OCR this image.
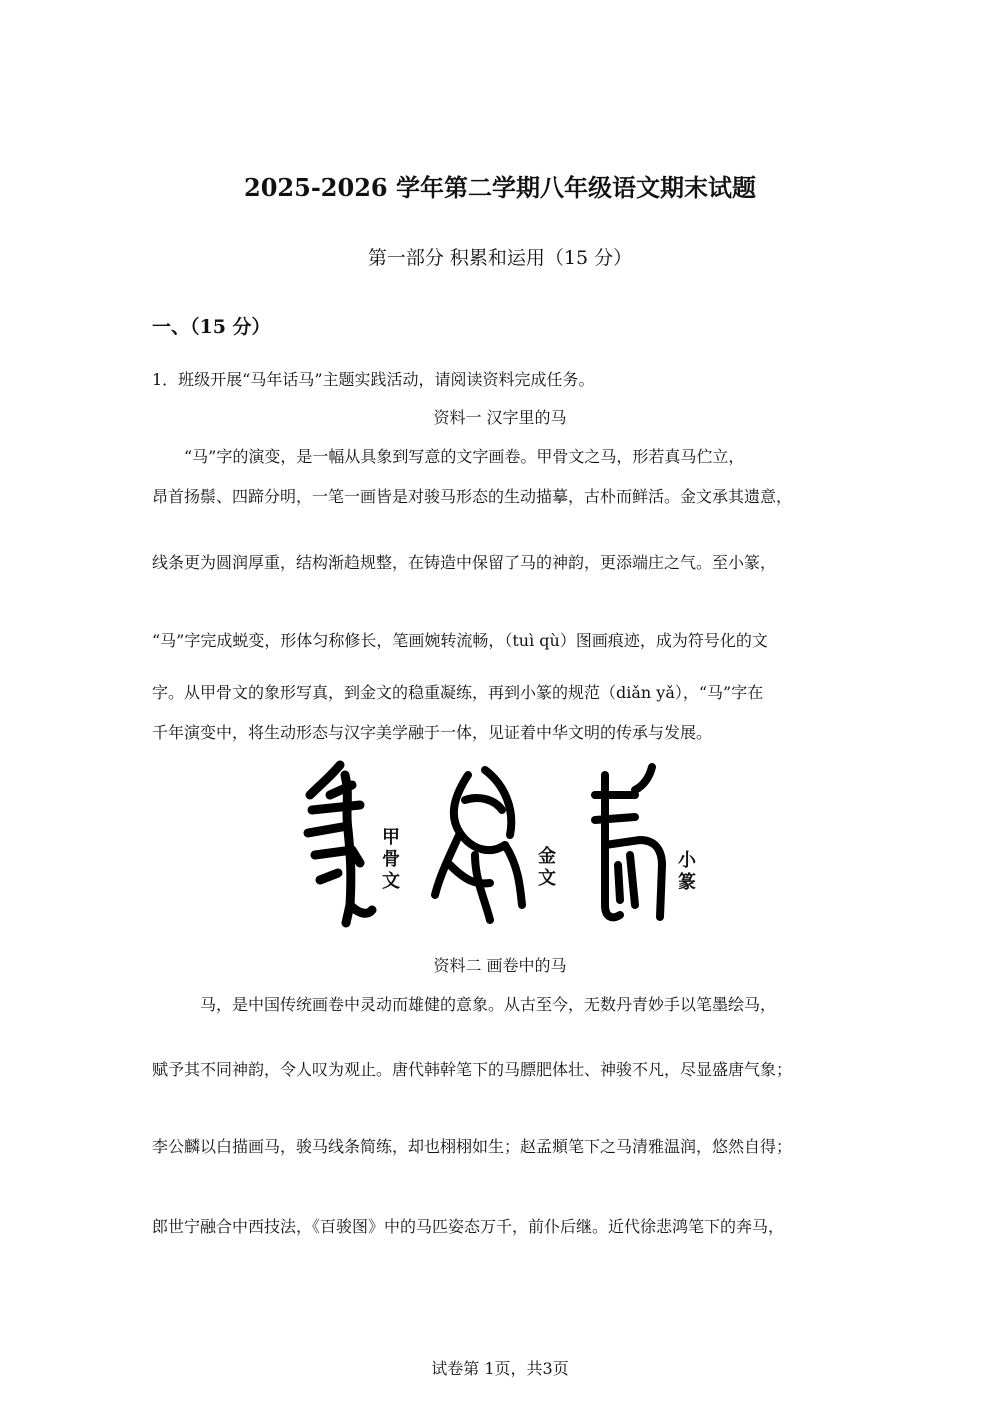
2025-2026 学年第二学期八年级语文期末试题
第一部分 积累和运用（15 分）
一、（15 分）
1．班级开展“马年话马”主题实践活动，请阅读资料完成任务。
资料一 汉字里的马
“马”字的演变，是一幅从具象到写意的文字画卷。甲骨文之马，形若真马伫立，
昂首扬鬃、四蹄分明，一笔一画皆是对骏马形态的生动描摹，古朴而鲜活。金文承其遗意，
线条更为圆润厚重，结构渐趋规整，在铸造中保留了马的神韵，更添端庄之气。至小篆，
“马”字完成蜕变，形体匀称修长，笔画婉转流畅，（tuì qù）图画痕迹，成为符号化的文
字。从甲骨文的象形写真，到金文的稳重凝练，再到小篆的规范（diǎn yǎ），“马”字在
千年演变中，将生动形态与汉字美学融于一体，见证着中华文明的传承与发展。
甲骨文
金文
小篆
资料二 画卷中的马
马，是中国传统画卷中灵动而雄健的意象。从古至今，无数丹青妙手以笔墨绘马，
赋予其不同神韵，令人叹为观止。唐代韩幹笔下的马膘肥体壮、神骏不凡，尽显盛唐气象；
李公麟以白描画马，骏马线条简练，却也栩栩如生；赵孟頫笔下之马清雅温润，悠然自得；
郎世宁融合中西技法，《百骏图》中的马匹姿态万千，前仆后继。近代徐悲鸿笔下的奔马，
试卷第 1页，共3页
